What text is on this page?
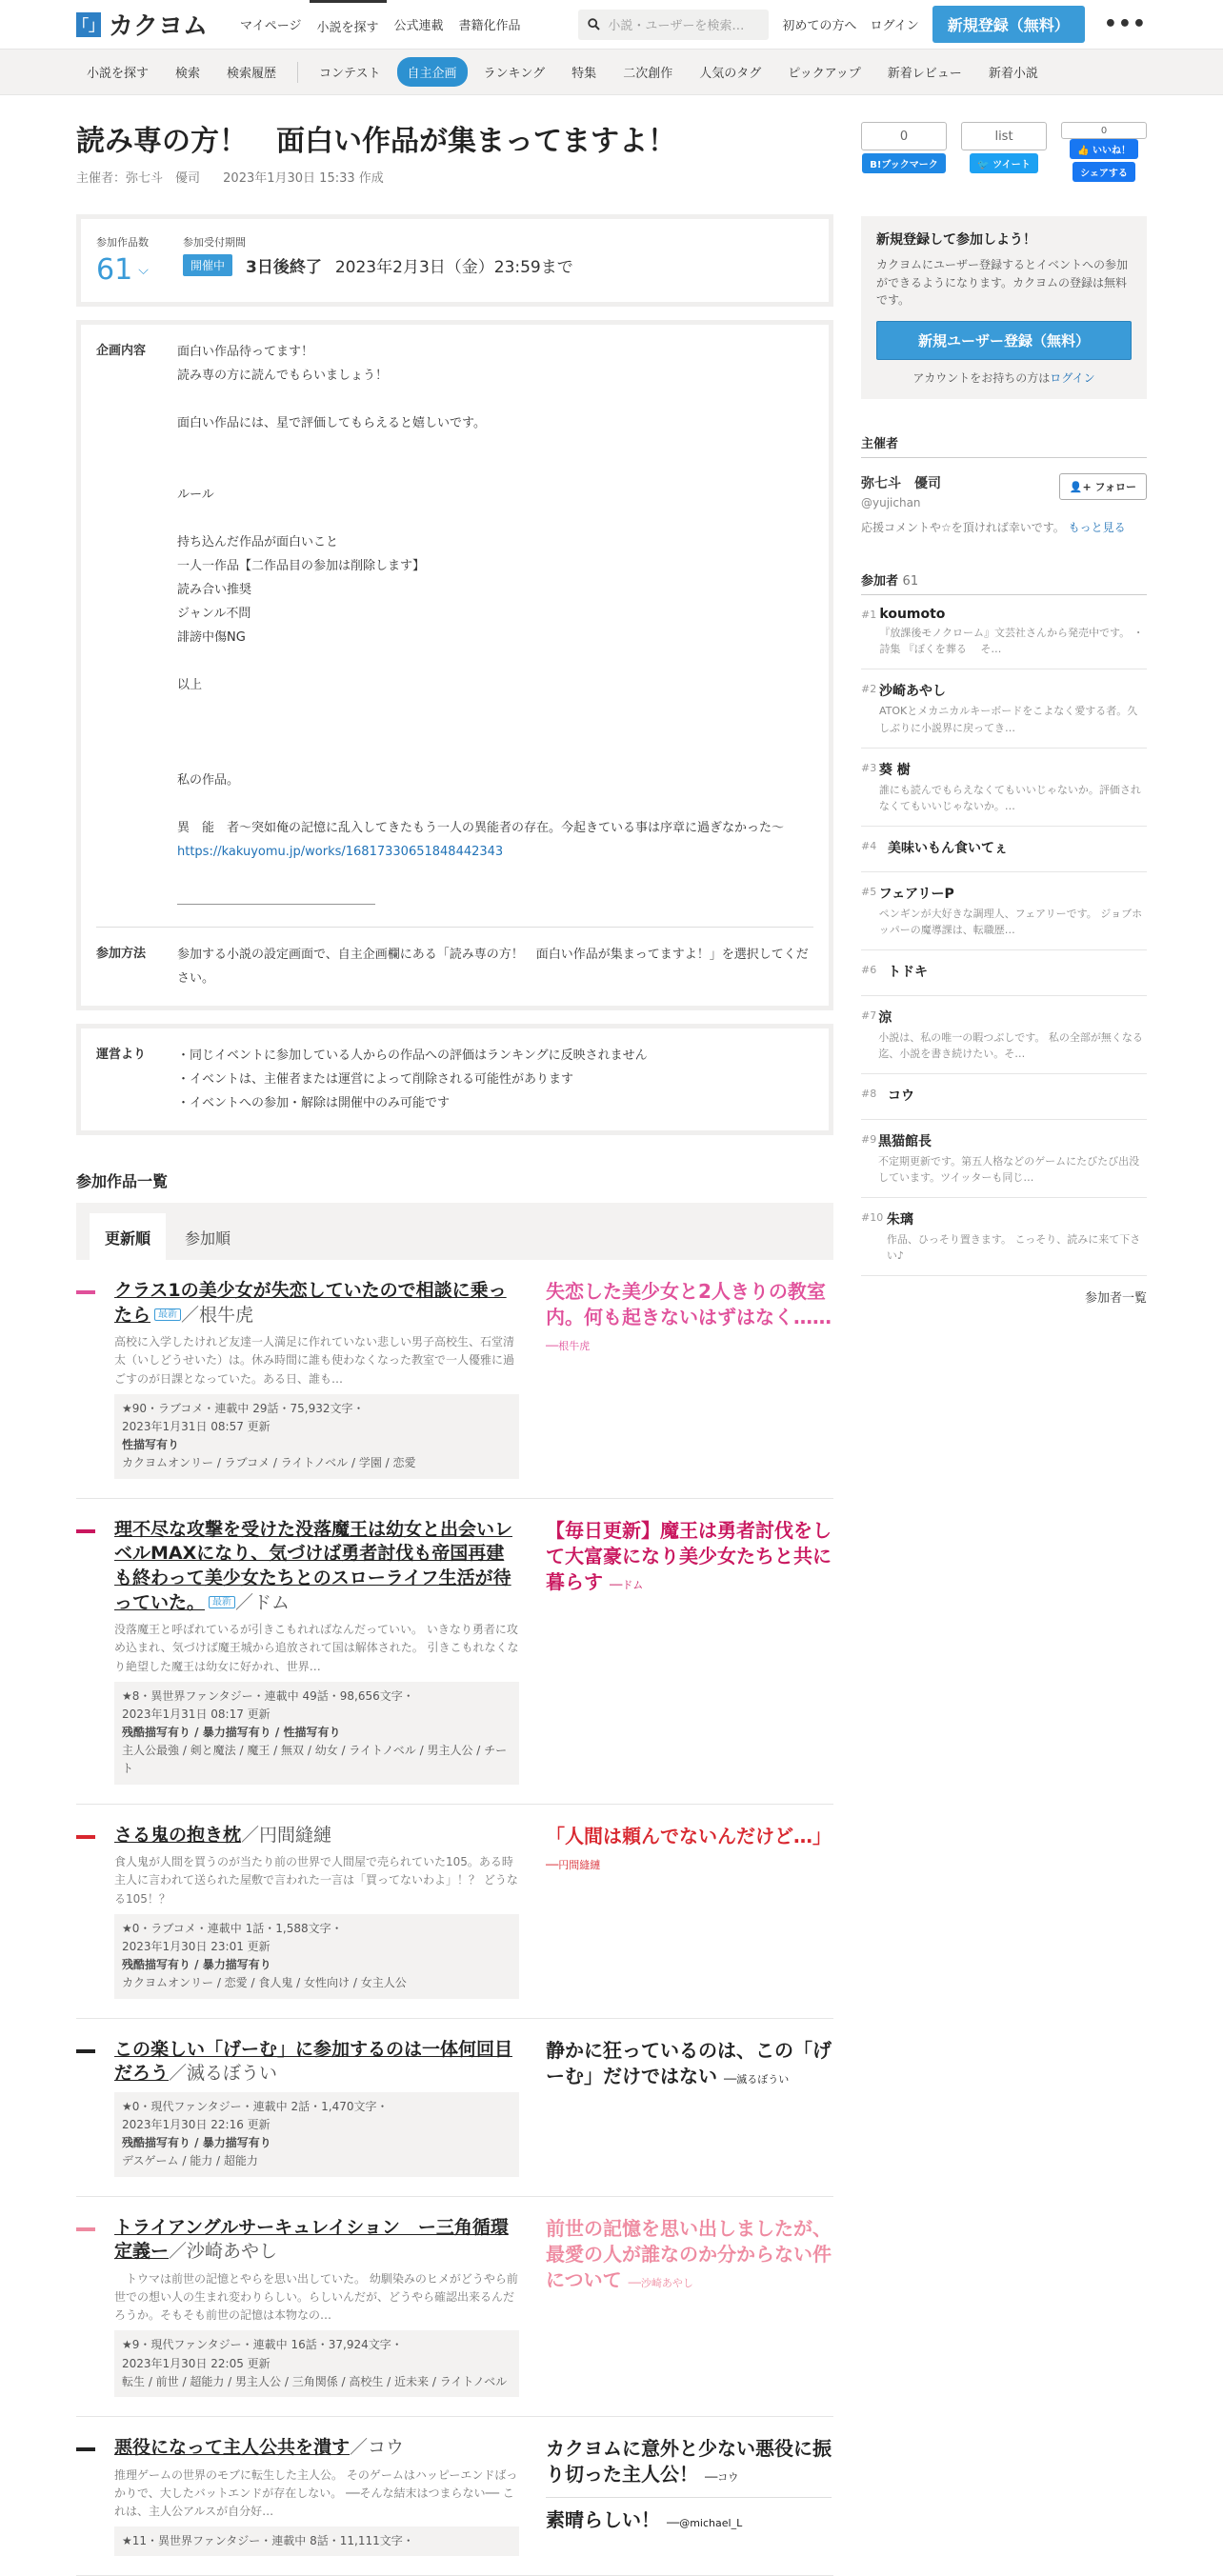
「」 カクヨム	マイページ	小説を探す	公式連載	書籍化作品	小説・ユーザーを検索…	初めての方へ ログイン	新規登録（無料）	•••
小説を探す	検索	検索履歴	コンテスト	自主企画	ランキング	特集	二次創作	人気のタグ	ピックアップ	新着レビュー	新着小説
読み専の方！　面白い作品が集まってますよ！
主催者：弥七斗　優司 2023年1月30日 15:33 作成
参加作品数
61 ⌵
参加受付期間
開催中	3日後終了 2023年2月3日（金）23:59まで
企画内容	面白い作品待ってます！
読み専の方に読んでもらいましょう！
面白い作品には、星で評価してもらえると嬉しいです。
ルール
持ち込んだ作品が面白いこと
一人一作品【二作品目の参加は削除します】
読み合い推奨
ジャンル不問
誹謗中傷NG
以上
私の作品。
異　能　者〜突如俺の記憶に乱入してきたもう一人の異能者の存在。今起きている事は序章に過ぎなかった〜
https://kakuyomu.jp/works/16817330651848442343
＿＿＿＿＿＿＿＿＿＿＿＿＿＿＿＿
参加方法	参加する小説の設定画面で、自主企画欄にある「読み専の方！　面白い作品が集まってますよ！」を選択してください。
運営より	・同じイベントに参加している人からの作品への評価はランキングに反映されません
・イベントは、主催者または運営によって削除される可能性があります
・イベントへの参加・解除は開催中のみ可能です
参加作品一覧
更新順	参加順
クラス1の美少女が失恋していたので相談に乗ったら 最新 ／根牛虎
高校に入学したけれど友達一人満足に作れていない悲しい男子高校生、石堂清太（いしどうせいた）は。休み時間に誰も使わなくなった教室で一人優雅に過ごすのが日課となっていた。ある日、誰も…
★90・ラブコメ・連載中 29話・75,932文字・
2023年1月31日 08:57 更新
性描写有り
カクヨムオンリー / ラブコメ / ライトノベル / 学園 / 恋愛
失恋した美少女と2人きりの教室内。何も起きないはずはなく…… ──根牛虎
理不尽な攻撃を受けた没落魔王は幼女と出会いレベルMAXになり、気づけば勇者討伐も帝国再建も終わって美少女たちとのスローライフ生活が待っていた。 最新 ／ドム
没落魔王と呼ばれているが引きこもれればなんだっていい。 いきなり勇者に攻め込まれ、気づけば魔王城から追放されて国は解体された。 引きこもれなくなり絶望した魔王は幼女に好かれ、世界…
★8・異世界ファンタジー・連載中 49話・98,656文字・
2023年1月31日 08:17 更新
残酷描写有り / 暴力描写有り / 性描写有り
主人公最強 / 剣と魔法 / 魔王 / 無双 / 幼女 / ライトノベル / 男主人公 / チート
【毎日更新】魔王は勇者討伐をして大富豪になり美少女たちと共に暮らす ──ドム
さる鬼の抱き枕／円間縫縺
食人鬼が人間を買うのが当たり前の世界で人間屋で売られていた105。ある時主人に言われて送られた屋敷で言われた一言は「買ってないわよ」！？ どうなる105！？
★0・ラブコメ・連載中 1話・1,588文字・
2023年1月30日 23:01 更新
残酷描写有り / 暴力描写有り
カクヨムオンリー / 恋愛 / 食人鬼 / 女性向け / 女主人公
「人間は頼んでないんだけど…」 ──円間縫縺
この楽しい「げーむ」に参加するのは一体何回目だろう／滅るぼうい
★0・現代ファンタジー・連載中 2話・1,470文字・
2023年1月30日 22:16 更新
残酷描写有り / 暴力描写有り
デスゲーム / 能力 / 超能力
静かに狂っているのは、この「げーむ」だけではない ──滅るぼうい
トライアングルサーキュレイション　ー三角循環定義ー／沙崎あやし
　トウマは前世の記憶とやらを思い出していた。 幼馴染みのヒメがどうやら前世での想い人の生まれ変わりらしい。らしいんだが、どうやら確認出来るんだろうか。そもそも前世の記憶は本物なの…
★9・現代ファンタジー・連載中 16話・37,924文字・
2023年1月30日 22:05 更新
転生 / 前世 / 超能力 / 男主人公 / 三角関係 / 高校生 / 近未来 / ライトノベル
前世の記憶を思い出しましたが、最愛の人が誰なのか分からない件について ──沙崎あやし
悪役になって主人公共を潰す／コウ
推理ゲームの世界のモブに転生した主人公。 そのゲームはハッピーエンドばっかりで、大したバットエンドが存在しない。 ──そんな結末はつまらない── これは、主人公アルスが自分好…
★11・異世界ファンタジー・連載中 8話・11,111文字・
カクヨムに意外と少ない悪役に振り切った主人公！ ──コウ
素晴らしい！ ──@michael_L
0
B!ブックマーク
list
🐦 ツイート
0
👍 いいね！
シェアする
新規登録して参加しよう！
カクヨムにユーザー登録するとイベントへの参加ができるようになります。カクヨムの登録は無料です。
新規ユーザー登録（無料）
アカウントをお持ちの方はログイン
主催者
弥七斗　優司
@yujichan
👤+ フォロー
応援コメントや☆を頂ければ幸いです。 もっと見る
参加者 61
#1 koumoto
『放課後モノクローム』文芸社さんから発売中です。 ・詩集 『ぼくを葬る 　そ…
#2 沙崎あやし
ATOKとメカニカルキーボードをこよなく愛する者。久しぶりに小説界に戻ってき…
#3 葵 樹
誰にも読んでもらえなくてもいいじゃないか。評価されなくてもいいじゃないか。…
#4 美味いもん食いてぇ
#5 フェアリーP
ペンギンが大好きな調理人、フェアリーです。 ジョブホッパーの魔導課は、転職歴…
#6 トドキ
#7 涼
小説は、私の唯一の暇つぶしです。 私の全部が無くなる迄、小説を書き続けたい。そ…
#8 コウ
#9 黒猫館長
不定期更新です。第五人格などのゲームにたびたび出没しています。ツイッターも同じ…
#10 朱璃
作品、ひっそり置きます。 こっそり、読みに来て下さい♪
参加者一覧
